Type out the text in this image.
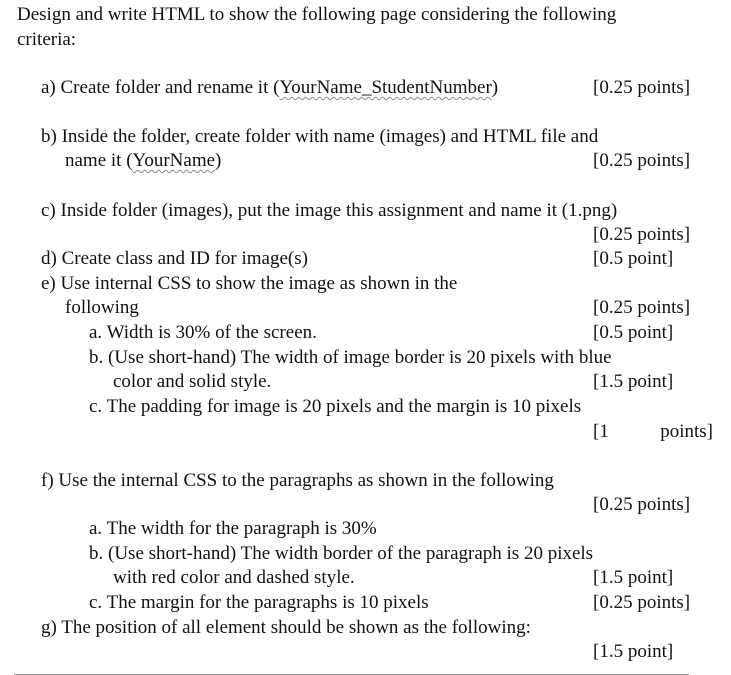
Design and write HTML to show the following page considering the following
criteria:
a) Create folder and rename it (YourName_StudentNumber)	[0.25 points]
b) Inside the folder, create folder with name (images) and HTML file and
name it (YourName)	[0.25 points]
c) Inside folder (images), put the image this assignment and name it (1.png)
[0.25 points]
d) Create class and ID for image(s)	[0.5 point]
e) Use internal CSS to show the image as shown in the
following	[0.25 points]
a. Width is 30% of the screen.	[0.5 point]
b. (Use short-hand) The width of image border is 20 pixels with blue
color and solid style.	[1.5 point]
c. The padding for image is 20 pixels and the margin is 10 pixels
[1	points]
f) Use the internal CSS to the paragraphs as shown in the following
[0.25 points]
a. The width for the paragraph is 30%
b. (Use short-hand) The width border of the paragraph is 20 pixels
with red color and dashed style.	[1.5 point]
c. The margin for the paragraphs is 10 pixels	[0.25 points]
g) The position of all element should be shown as the following:
[1.5 point]
